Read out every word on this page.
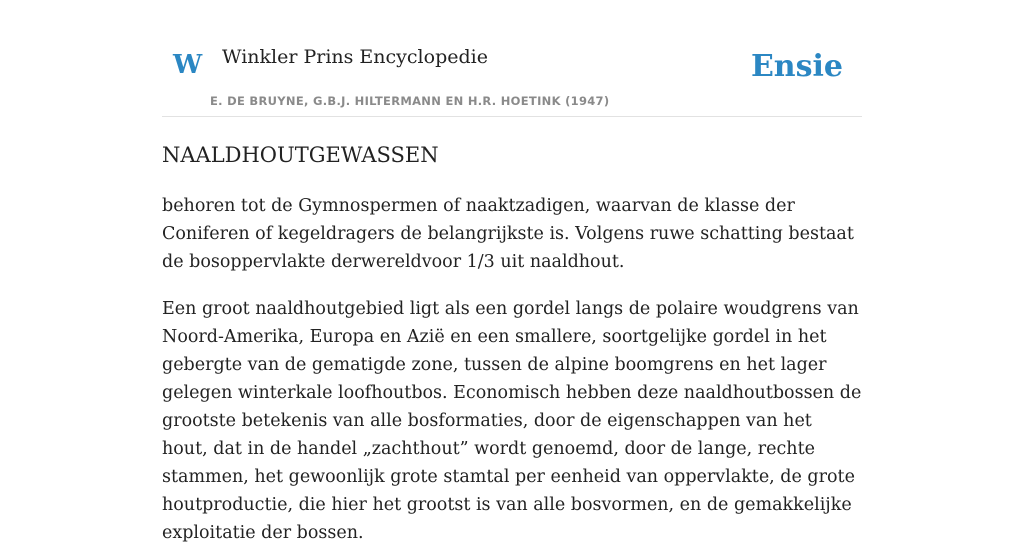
W Winkler Prins Encyclopedie
E. DE BRUYNE, G.B.J. HILTERMANN EN H.R. HOETINK (1947)
Ensie
NAALDHOUTGEWASSEN

behoren tot de Gymnospermen of naaktzadigen, waarvan de klasse der Coniferen of kegeldragers de belangrijkste is. Volgens ruwe schatting bestaat de bosoppervlakte derwereldvoor 1/3 uit naaldhout.

Een groot naaldhoutgebied ligt als een gordel langs de polaire woudgrens van Noord-Amerika, Europa en Azië en een smallere, soortgelijke gordel in het gebergte van de gematigde zone, tussen de alpine boomgrens en het lager gelegen winterkale loofhoutbos. Economisch hebben deze naaldhoutbossen de grootste betekenis van alle bosformaties, door de eigenschappen van het hout, dat in de handel „zachthout” wordt genoemd, door de lange, rechte stammen, het gewoonlijk grote stamtal per eenheid van oppervlakte, de grote houtproductie, die hier het grootst is van alle bosvormen, en de gemakkelijke exploitatie der bossen.
